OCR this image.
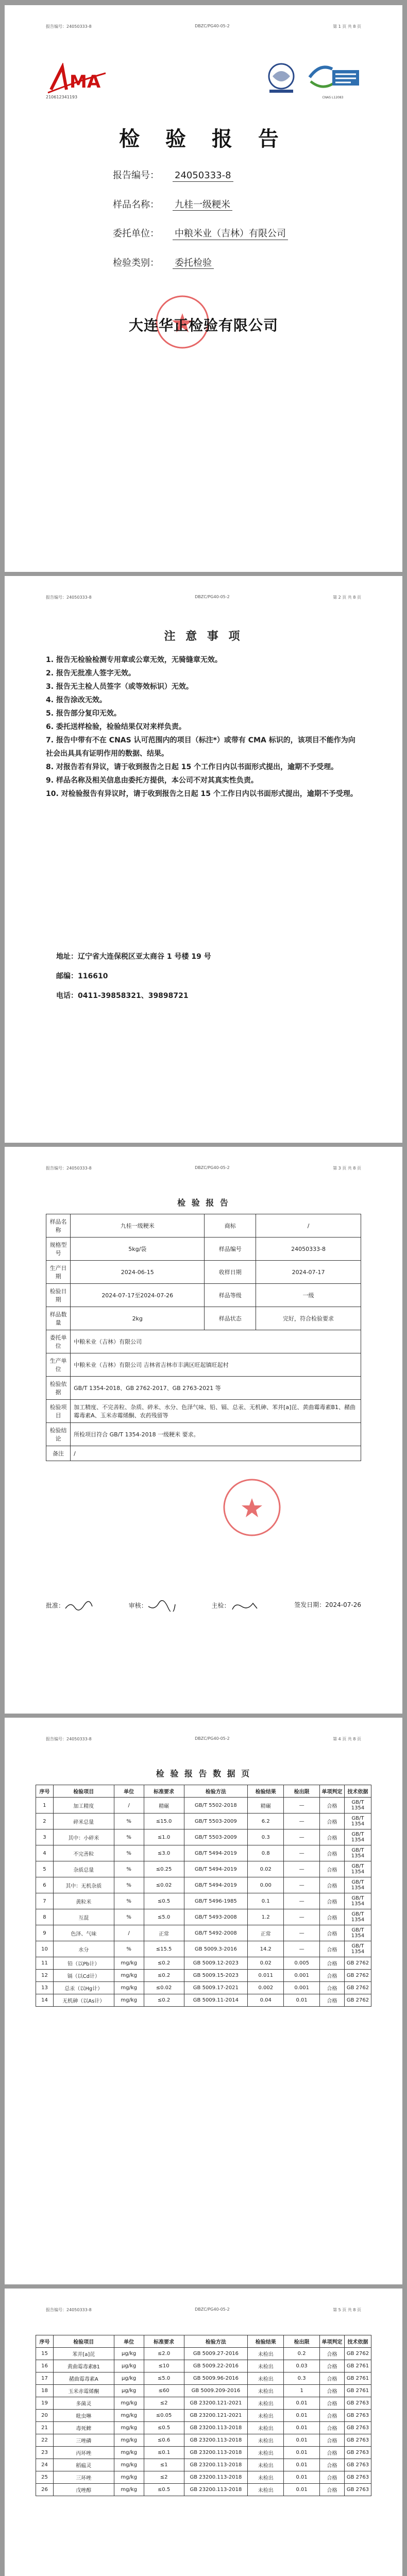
报告编号：24050333-8	DBZC/PG40-05-2	第 1 页 共 8 页
MA
210612341193	CNAS L12083
检 验 报 告
报告编号：	24050333-8
样品名称：	九桂一级粳米
委托单位：	中粮米业（吉林）有限公司
检验类别：	委托检验
大连华正检验有限公司
报告编号：24050333-8	DBZC/PG40-05-2	第 2 页 共 8 页
注 意 事 项
1. 报告无检验检测专用章或公章无效，无骑缝章无效。
2. 报告无批准人签字无效。
3. 报告无主检人员签字（或等效标识）无效。
4. 报告涂改无效。
5. 报告部分复印无效。
6. 委托送样检验，检验结果仅对来样负责。
7. 报告中带有不在 CNAS 认可范围内的项目（标注*）或带有 CMA 标识的，该项目不能作为向社会出具具有证明作用的数据、结果。
8. 对报告若有异议，请于收到报告之日起 15 个工作日内以书面形式提出，逾期不予受理。
9. 样品名称及相关信息由委托方提供，本公司不对其真实性负责。
10. 对检验报告有异议时，请于收到报告之日起 15 个工作日内以书面形式提出，逾期不予受理。
地址：辽宁省大连保税区亚太商谷 1 号楼 19 号
邮编：116610
电话：0411-39858321、39898721
报告编号：24050333-8	DBZC/PG40-05-2	第 3 页 共 8 页
检 验 报 告
样品名称	九桂一级粳米	商标	/
规格型号	5kg/袋	样品编号	24050333-8
生产日期	2024-06-15	收样日期	2024-07-17
检验日期	2024-07-17至2024-07-26	样品等级	一级
样品数量	2kg	样品状态	完好，符合检验要求
委托单位	中粮米业（吉林）有限公司		
生产单位	中粮米业（吉林）有限公司 吉林省吉林市丰满区旺起镇旺起村		
检验依据	GB/T 1354-2018、GB 2762-2017、GB 2763-2021 等		
检验项目	加工精度、不完善粒、杂质、碎米、水分、色泽气味、铅、镉、总汞、无机砷、苯并[a]芘、黄曲霉毒素B1、赭曲霉毒素A、玉米赤霉烯酮、农药残留等		
检验结论	所检项目符合 GB/T 1354-2018 一级粳米 要求。		
备注	/		
批准：	审核：	主检：	签发日期：2024-07-26
报告编号：24050333-8	DBZC/PG40-05-2	第 4 页 共 8 页
检 验 报 告 数 据 页
序号	检验项目	单位	标准要求	检验方法	检验结果	检出限	单项判定	技术依据
1	加工精度	/	精碾	GB/T 5502-2018	精碾	—	合格	GB/T 1354
2	碎米总量	%	≤15.0	GB/T 5503-2009	6.2	—	合格	GB/T 1354
3	其中：小碎米	%	≤1.0	GB/T 5503-2009	0.3	—	合格	GB/T 1354
4	不完善粒	%	≤3.0	GB/T 5494-2019	0.8	—	合格	GB/T 1354
5	杂质总量	%	≤0.25	GB/T 5494-2019	0.02	—	合格	GB/T 1354
6	其中：无机杂质	%	≤0.02	GB/T 5494-2019	0.00	—	合格	GB/T 1354
7	黄粒米	%	≤0.5	GB/T 5496-1985	0.1	—	合格	GB/T 1354
8	互混	%	≤5.0	GB/T 5493-2008	1.2	—	合格	GB/T 1354
9	色泽、气味	/	正常	GB/T 5492-2008	正常	—	合格	GB/T 1354
10	水分	%	≤15.5	GB 5009.3-2016	14.2	—	合格	GB/T 1354
11	铅（以Pb计）	mg/kg	≤0.2	GB 5009.12-2023	0.02	0.005	合格	GB 2762
12	镉（以Cd计）	mg/kg	≤0.2	GB 5009.15-2023	0.011	0.001	合格	GB 2762
13	总汞（以Hg计）	mg/kg	≤0.02	GB 5009.17-2021	0.002	0.001	合格	GB 2762
14	无机砷（以As计）	mg/kg	≤0.2	GB 5009.11-2014	0.04	0.01	合格	GB 2762
报告编号：24050333-8	DBZC/PG40-05-2	第 5 页 共 8 页
序号	检验项目	单位	标准要求	检验方法	检验结果	检出限	单项判定	技术依据
15	苯并[a]芘	μg/kg	≤2.0	GB 5009.27-2016	未检出	0.2	合格	GB 2762
16	黄曲霉毒素B1	μg/kg	≤10	GB 5009.22-2016	未检出	0.03	合格	GB 2761
17	赭曲霉毒素A	μg/kg	≤5.0	GB 5009.96-2016	未检出	0.3	合格	GB 2761
18	玉米赤霉烯酮	μg/kg	≤60	GB 5009.209-2016	未检出	1	合格	GB 2761
19	多菌灵	mg/kg	≤2	GB 23200.121-2021	未检出	0.01	合格	GB 2763
20	吡虫啉	mg/kg	≤0.05	GB 23200.121-2021	未检出	0.01	合格	GB 2763
21	毒死蜱	mg/kg	≤0.5	GB 23200.113-2018	未检出	0.01	合格	GB 2763
22	三唑磷	mg/kg	≤0.6	GB 23200.113-2018	未检出	0.01	合格	GB 2763
23	丙环唑	mg/kg	≤0.1	GB 23200.113-2018	未检出	0.01	合格	GB 2763
24	稻瘟灵	mg/kg	≤1	GB 23200.113-2018	未检出	0.01	合格	GB 2763
25	三环唑	mg/kg	≤2	GB 23200.113-2018	未检出	0.01	合格	GB 2763
26	戊唑醇	mg/kg	≤0.5	GB 23200.113-2018	未检出	0.01	合格	GB 2763
